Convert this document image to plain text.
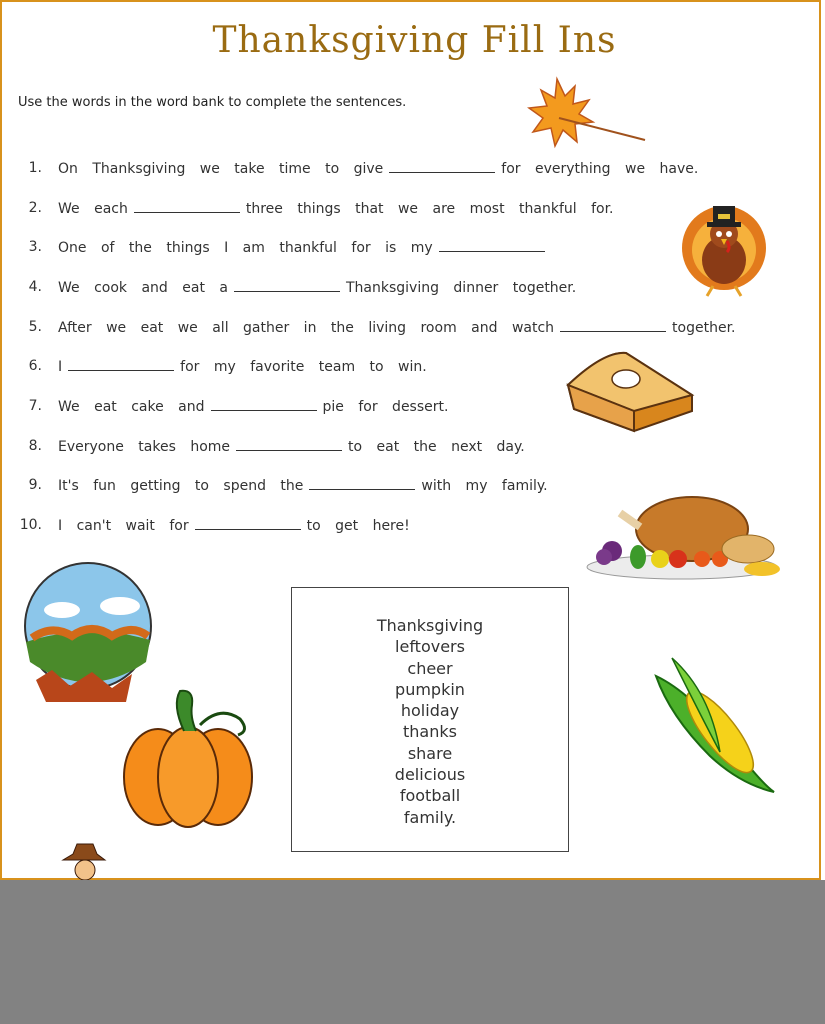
Thanksgiving Fill Ins
Use the words in the word bank to complete the sentences.
1. On Thanksgiving we take time to give	for everything we have.
2. We each	three things that we are most thankful for.
3. One of the things I am thankful for is my
4. We cook and eat a	Thanksgiving dinner together.
5. After we eat we all gather in the living room and watch	together.
6. I	for my favorite team to win.
7. We eat cake and	pie for dessert.
8. Everyone takes home	to eat the next day.
9. It's fun getting to spend the	with my family.
10. I can't wait for	to get here!
Thanksgiving
leftovers
cheer
pumpkin
holiday
thanks
share
delicious
football
family.
